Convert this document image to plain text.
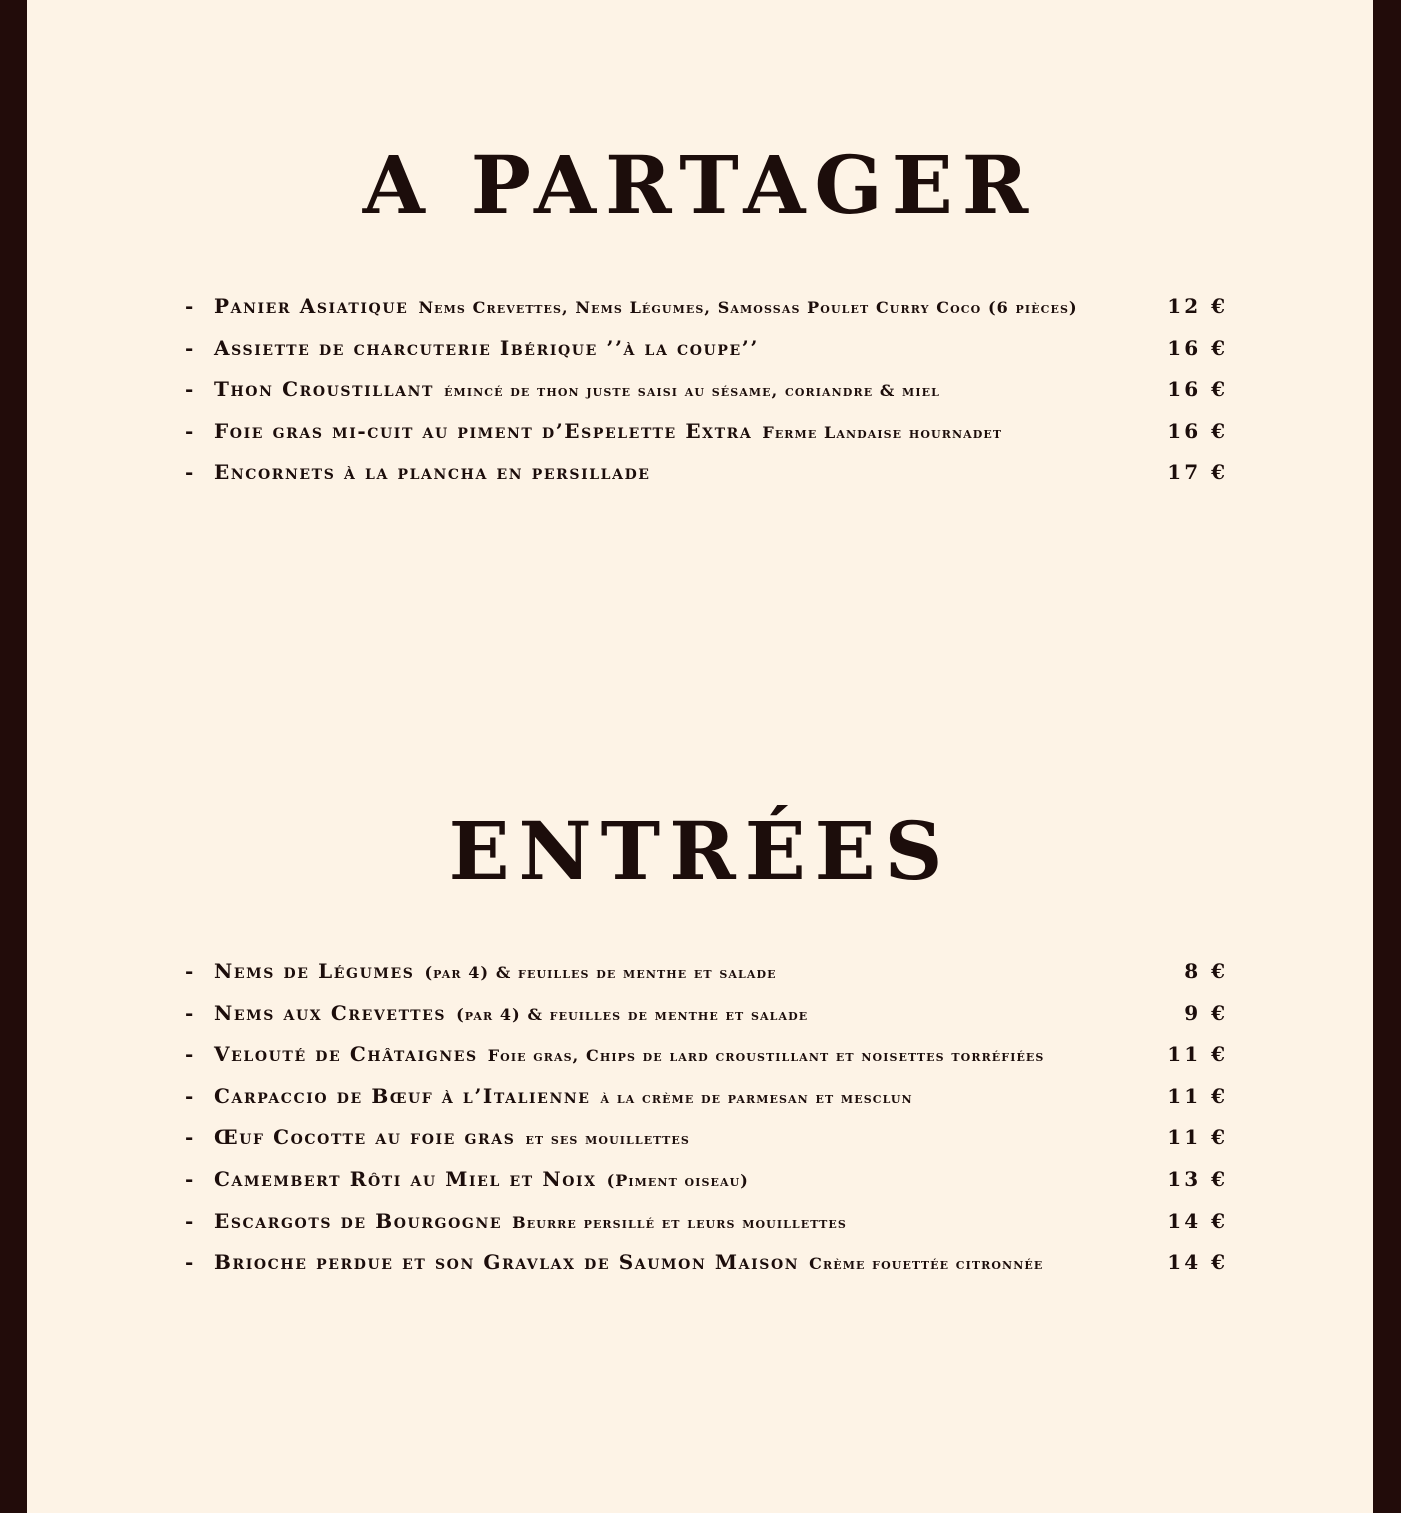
A PARTAGER
-	Panier Asiatique Nems Crevettes, Nems Légumes, Samossas Poulet Curry Coco (6 pièces)	12 €
-	Assiette de charcuterie Ibérique ’’à la coupe’’	16 €
-	Thon Croustillant émincé de thon juste saisi au sésame, coriandre & miel	16 €
-	Foie gras mi-cuit au piment d’Espelette Extra Ferme Landaise hournadet	16 €
-	Encornets à la plancha en persillade	17 €
ENTRÉES
-	Nems de Légumes (par 4) & feuilles de menthe et salade	8 €
-	Nems aux Crevettes (par 4) & feuilles de menthe et salade	9 €
-	Velouté de Châtaignes Foie gras, Chips de lard croustillant et noisettes torréfiées	11 €
-	Carpaccio de Bœuf à l’Italienne à la crème de parmesan et mesclun	11 €
-	Œuf Cocotte au foie gras et ses mouillettes	11 €
-	Camembert Rôti au Miel et Noix (Piment oiseau)	13 €
-	Escargots de Bourgogne Beurre persillé et leurs mouillettes	14 €
-	Brioche perdue et son Gravlax de Saumon Maison Crème fouettée citronnée	14 €
